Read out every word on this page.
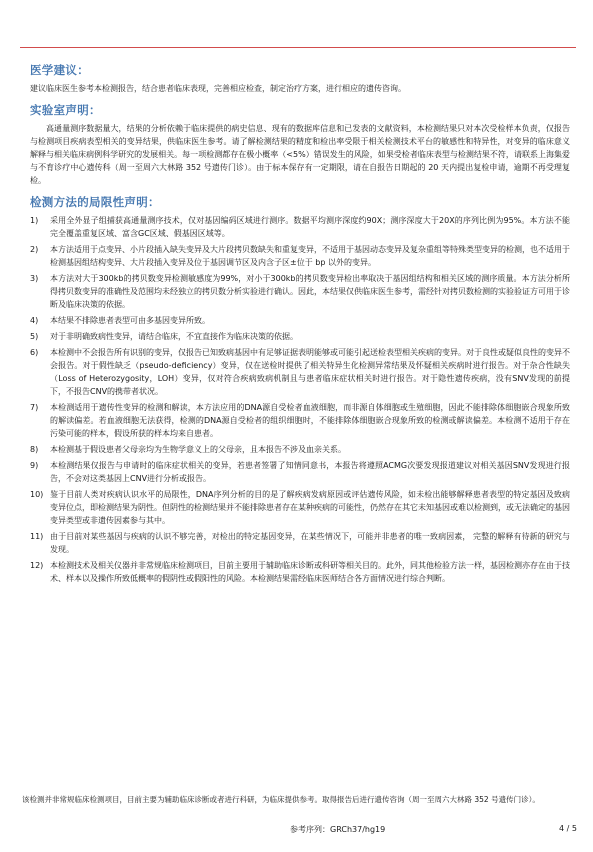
医学建议：
建议临床医生参考本检测报告，结合患者临床表现，完善相应检查，制定治疗方案，进行相应的遗传咨询。
实验室声明：
高通量测序数据量大，结果的分析依赖于临床提供的病史信息、现有的数据库信息和已发表的文献资料，本检测结果只对本次受检样本负责，仅报告与检测项目疾病表型相关的变异结果，供临床医生参考。请了解检测结果的精度和检出率受限于相关检测技术平台的敏感性和特异性，对变异的临床意义解释与相关临床病例科学研究的发展相关。每一项检测都存在极小概率（<5%）错误发生的风险，如果受检者临床表型与检测结果不符，请联系上海集爱与不育诊疗中心遗传科（周一至周六大林路 352 号遗传门诊）。由于标本保存有一定期限，请在自报告日期起的 20 天内提出复检申请，逾期不再受理复检。
检测方法的局限性声明：
1)	采用全外显子组捕获高通量测序技术，仅对基因编码区域进行测序。数据平均测序深度约90X；测序深度大于20X的序列比例为95%。本方法不能完全覆盖重复区域、富含GC区域、假基因区域等。
2)	本方法适用于点变异、小片段插入缺失变异及大片段拷贝数缺失和重复变异，不适用于基因动态变异及复杂重组等特殊类型变异的检测，也不适用于检测基因组结构变异、大片段插入变异及位于基因调节区及内含子区±位于 bp 以外的变异。
3)	本方法对大于300kb的拷贝数变异检测敏感度为99%，对小于300kb的拷贝数变异检出率取决于基因组结构和相关区域的测序质量。本方法分析所得拷贝数变异的准确性及范围均未经独立的拷贝数分析实验进行确认。因此，本结果仅供临床医生参考，需经针对拷贝数检测的实验验证方可用于诊断及临床决策的依据。
4)	本结果不排除患者表型可由多基因变异所致。
5)	对于非明确致病性变异，请结合临床，不宜直接作为临床决策的依据。
6)	本检测中不会报告所有识别的变异，仅报告已知致病基因中有足够证据表明能够或可能引起送检表型相关疾病的变异。对于良性或疑似良性的变异不会报告。对于假性缺乏（pseudo-deficiency）变异，仅在送检时提供了相关特异生化检测异常结果及怀疑相关疾病时进行报告。对于杂合性缺失（Loss of Heterozygosity，LOH）变异，仅对符合疾病致病机制且与患者临床症状相关时进行报告。对于隐性遗传疾病，没有SNV发现的前提下，不报告CNV的携带者状况。
7)	本检测适用于遗传性变异的检测和解读，本方法应用的DNA源自受检者血液细胞，而非源自体细胞或生殖细胞，因此不能排除体细胞嵌合现象所致的解读偏差。若血液细胞无法获得，检测的DNA源自受检者的组织细胞时，不能排除体细胞嵌合现象所致的检测或解读偏差。本检测不适用于存在污染可能的样本，假设所获的样本均来自患者。
8)	本检测基于假设患者父母亲均为生物学意义上的父母亲，且本报告不涉及血亲关系。
9)	本检测结果仅报告与申请时的临床症状相关的变异，若患者签署了知情同意书，本报告将遵照ACMG次要发现报道建议对相关基因SNV发现进行报告，不会对这类基因上CNV进行分析或报告。
10) 鉴于目前人类对疾病认识水平的局限性，DNA序列分析的目的是了解疾病发病原因或评估遗传风险，如未检出能够解释患者表型的特定基因及致病变异位点，即检测结果为阴性。但阴性的检测结果并不能排除患者存在某种疾病的可能性，仍然存在其它未知基因或难以检测到，或无法确定的基因变异类型或非遗传因素参与其中。
11) 由于目前对某些基因与疾病的认识不够完善，对检出的特定基因变异，在某些情况下，可能并非患者的唯一致病因素， 完整的解释有待新的研究与发现。
12) 本检测技术及相关仪器并非常规临床检测项目，目前主要用于辅助临床诊断或科研等相关目的。此外，同其他检验方法一样，基因检测亦存在由于技术、样本以及操作所致低概率的假阴性或假阳性的风险。本检测结果需经临床医师结合各方面情况进行综合判断。
该检测并非常规临床检测项目，目前主要为辅助临床诊断或者进行科研，为临床提供参考。取得报告后进行遗传咨询（周一至周六大林路 352 号遗传门诊）。
参考序列：GRCh37/hg19	4 / 5
